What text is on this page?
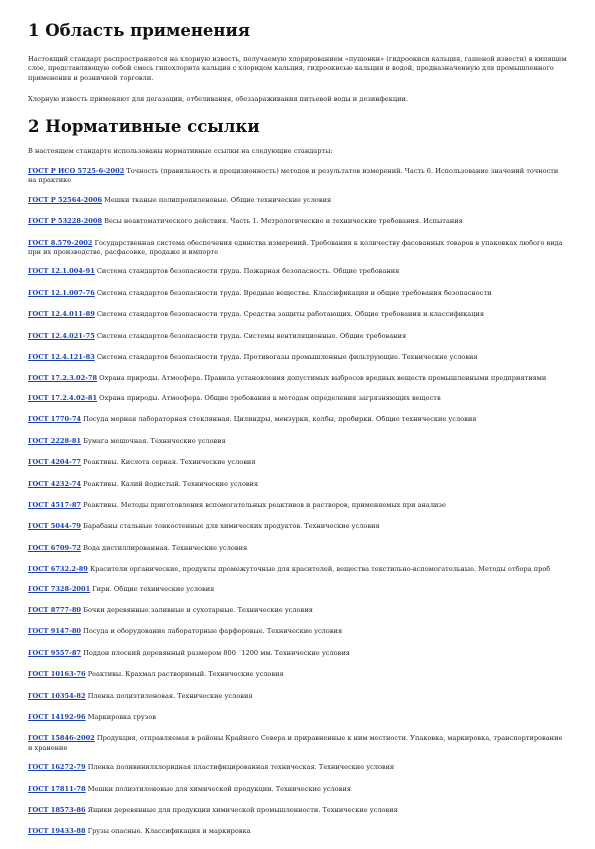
1 Область применения
Настоящий стандарт распространяется на хлорную известь, получаемую хлорированием «пушонки» (гидроокиси кальция, гашеной извести) в кипящем слое, представляющую собой смесь гипохлорита кальция с хлоридом кальция, гидроокисью кальция и водой, предназначенную для промышленного применения и розничной торговли.
Хлорную известь применяют для дегазации, отбеливания, обеззараживания питьевой воды и дезинфекции.
2 Нормативные ссылки
В настоящем стандарте использованы нормативные ссылки на следующие стандарты:
ГОСТ Р ИСО 5725-6-2002 Точность (правильность и прецизионность) методов и результатов измерений. Часть 6. Использование значений точности на практике
ГОСТ Р 52564-2006 Мешки тканые полипропиленовые. Общие технические условия
ГОСТ Р 53228-2008 Весы неавтоматического действия. Часть 1. Метрологические и технические требования. Испытания
ГОСТ 8.579-2002 Государственная система обеспечения единства измерений. Требования к количеству фасованных товаров в упаковках любого вида при их производстве, расфасовке, продаже и импорте
ГОСТ 12.1.004-91 Система стандартов безопасности труда. Пожарная безопасность. Общие требования
ГОСТ 12.1.007-76 Система стандартов безопасности труда. Вредные вещества. Классификация и общие требования безопасности
ГОСТ 12.4.011-89 Система стандартов безопасности труда. Средства защиты работающих. Общие требования и классификация
ГОСТ 12.4.021-75 Система стандартов безопасности труда. Системы вентиляционные. Общие требования
ГОСТ 12.4.121-83 Система стандартов безопасности труда. Противогазы промышленные фильтрующие. Технические условия
ГОСТ 17.2.3.02-78 Охрана природы. Атмосфера. Правила установления допустимых выбросов вредных веществ промышленными предприятиями
ГОСТ 17.2.4.02-81 Охрана природы. Атмосфера. Общие требования к методам определения загрязняющих веществ
ГОСТ 1770-74 Посуда мерная лабораторная стеклянная. Цилиндры, мензурки, колбы, пробирки. Общие технические условия
ГОСТ 2228-81 Бумага мешочная. Технические условия
ГОСТ 4204-77 Реактивы. Кислота серная. Технические условия
ГОСТ 4232-74 Реактивы. Калий йодистый. Технические условия
ГОСТ 4517-87 Реактивы. Методы приготовления вспомогательных реактивов и растворов, применяемых при анализе
ГОСТ 5044-79 Барабаны стальные тонкостенные для химических продуктов. Технические условия
ГОСТ 6709-72 Вода дистиллированная. Технические условия
ГОСТ 6732.2-89 Красители органические, продукты промежуточные для красителей, вещества текстильно-вспомогательные. Методы отбора проб
ГОСТ 7328-2001 Гири. Общие технические условия
ГОСТ 8777-80 Бочки деревянные заливные и сухотарные. Технические условия
ГОСТ 9147-80 Посуда и оборудование лабораторные фарфоровые. Технические условия
ГОСТ 9557-87 Поддон плоский деревянный размером 800 ´1200 мм. Технические условия
ГОСТ 10163-76 Реактивы. Крахмал растворимый. Технические условия
ГОСТ 10354-82 Пленка полиэтиленовая. Технические условия
ГОСТ 14192-96 Маркировка грузов
ГОСТ 15846-2002 Продукция, отправляемая в районы Крайнего Севера и приравненные к ним местности. Упаковка, маркировка, транспортирование и хранение
ГОСТ 16272-79 Пленка поливинилхлоридная пластифицированная техническая. Технические условия
ГОСТ 17811-78 Мешки полиэтиленовые для химической продукции. Технические условия
ГОСТ 18573-86 Ящики деревянные для продукции химической промышленности. Технические условия
ГОСТ 19433-88 Грузы опасные. Классификация и маркировка
